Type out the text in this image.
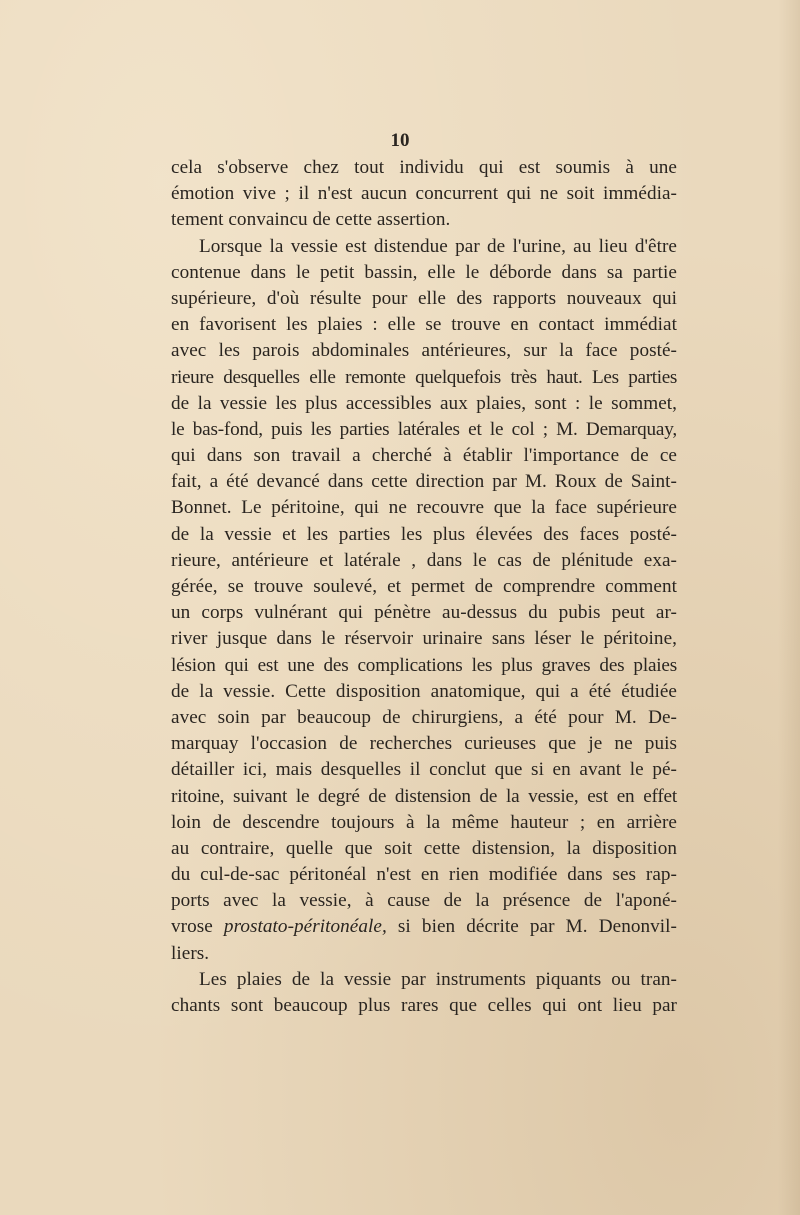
10
cela s'observe chez tout individu qui est soumis à une
émotion vive ; il n'est aucun concurrent qui ne soit immédia-
tement convaincu de cette assertion.
Lorsque la vessie est distendue par de l'urine, au lieu d'être
contenue dans le petit bassin, elle le déborde dans sa partie
supérieure, d'où résulte pour elle des rapports nouveaux qui
en favorisent les plaies : elle se trouve en contact immédiat
avec les parois abdominales antérieures, sur la face posté-
rieure desquelles elle remonte quelquefois très haut. Les parties
de la vessie les plus accessibles aux plaies, sont : le sommet,
le bas-fond, puis les parties latérales et le col ; M. Demarquay,
qui dans son travail a cherché à établir l'importance de ce
fait, a été devancé dans cette direction par M. Roux de Saint-
Bonnet. Le péritoine, qui ne recouvre que la face supérieure
de la vessie et les parties les plus élevées des faces posté-
rieure, antérieure et latérale , dans le cas de plénitude exa-
gérée, se trouve soulevé, et permet de comprendre comment
un corps vulnérant qui pénètre au-dessus du pubis peut ar-
river jusque dans le réservoir urinaire sans léser le péritoine,
lésion qui est une des complications les plus graves des plaies
de la vessie. Cette disposition anatomique, qui a été étudiée
avec soin par beaucoup de chirurgiens, a été pour M. De-
marquay l'occasion de recherches curieuses que je ne puis
détailler ici, mais desquelles il conclut que si en avant le pé-
ritoine, suivant le degré de distension de la vessie, est en effet
loin de descendre toujours à la même hauteur ; en arrière
au contraire, quelle que soit cette distension, la disposition
du cul-de-sac péritonéal n'est en rien modifiée dans ses rap-
ports avec la vessie, à cause de la présence de l'aponé-
vrose prostato-péritonéale, si bien décrite par M. Denonvil-
liers.
Les plaies de la vessie par instruments piquants ou tran-
chants sont beaucoup plus rares que celles qui ont lieu par
